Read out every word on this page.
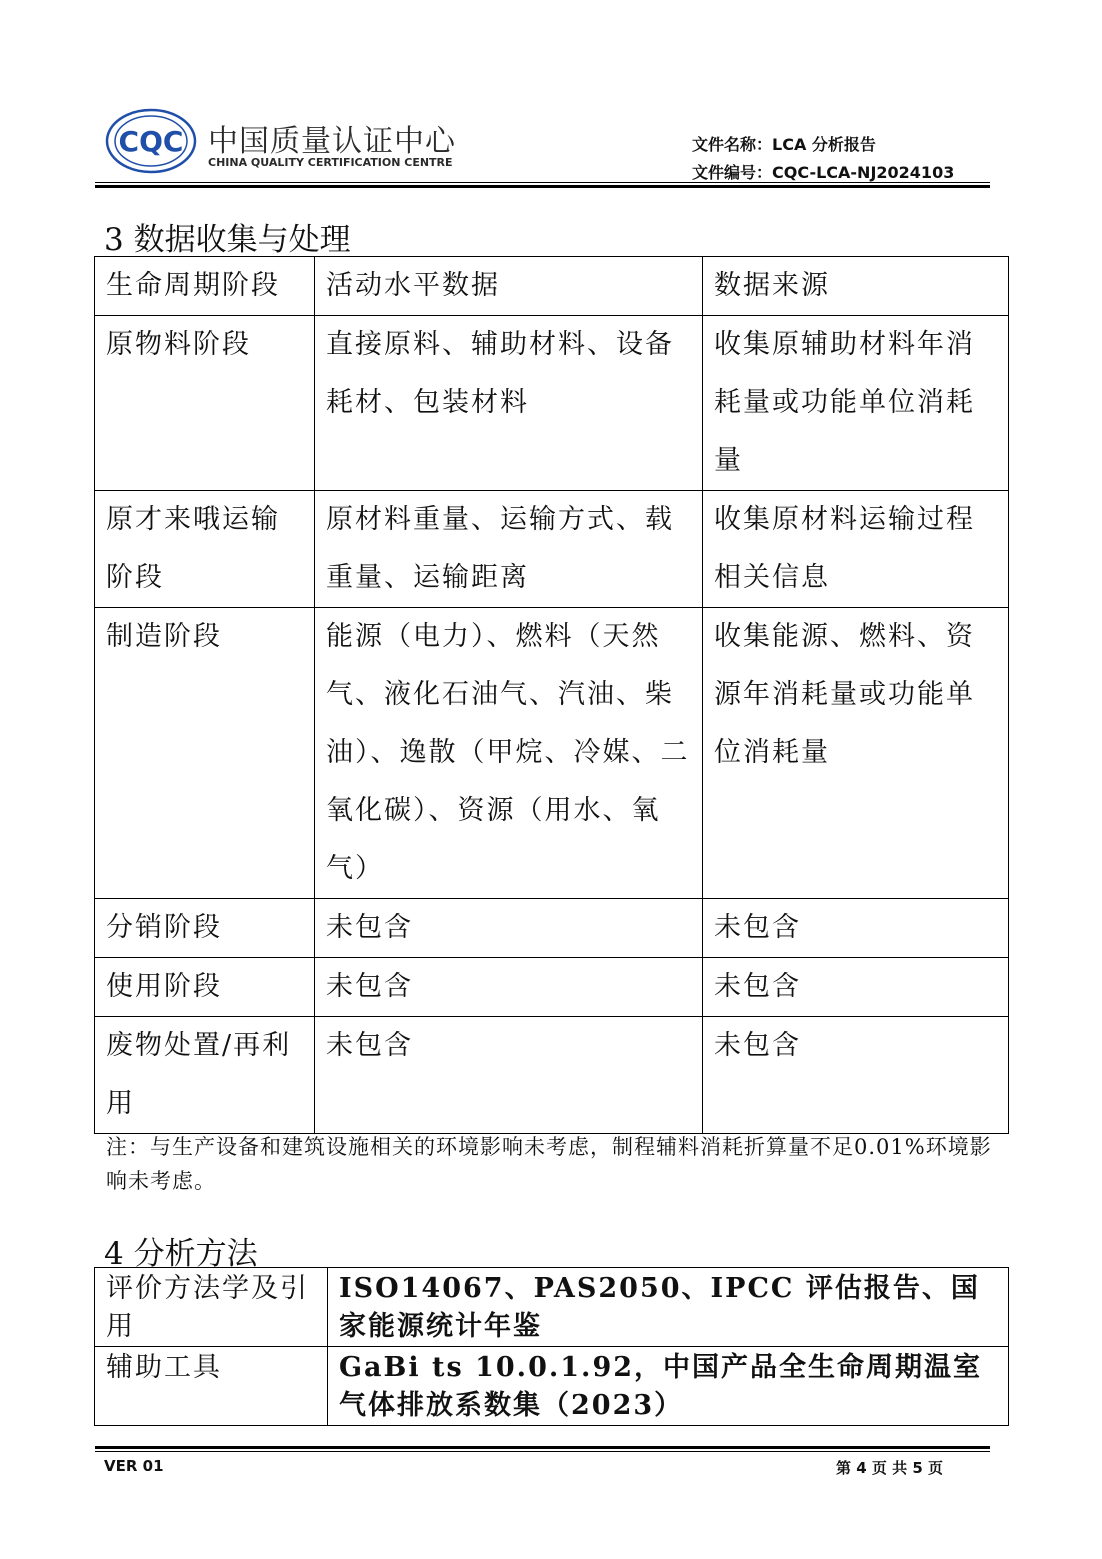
CQC 中国质量认证中心
CHINA QUALITY CERTIFICATION CENTRE
文件名称：LCA 分析报告
文件编号：CQC-LCA-NJ2024103
3 数据收集与处理
生命周期阶段	活动水平数据	数据来源
原物料阶段	直接原料、辅助材料、设备耗材、包装材料	收集原辅助材料年消耗量或功能单位消耗量
原才来哦运输阶段	原材料重量、运输方式、载重量、运输距离	收集原材料运输过程相关信息
制造阶段	能源（电力）、燃料（天然气、液化石油气、汽油、柴油）、逸散（甲烷、冷媒、二氧化碳）、资源（用水、氧气）	收集能源、燃料、资源年消耗量或功能单位消耗量
分销阶段	未包含	未包含
使用阶段	未包含	未包含
废物处置/再利用	未包含	未包含
注：与生产设备和建筑设施相关的环境影响未考虑，制程辅料消耗折算量不足0.01%环境影响未考虑。
4 分析方法
评价方法学及引用	ISO14067、PAS2050、IPCC 评估报告、国家能源统计年鉴
辅助工具	GaBi ts 10.0.1.92，中国产品全生命周期温室气体排放系数集（2023）
VER 01	第 4 页 共 5 页
